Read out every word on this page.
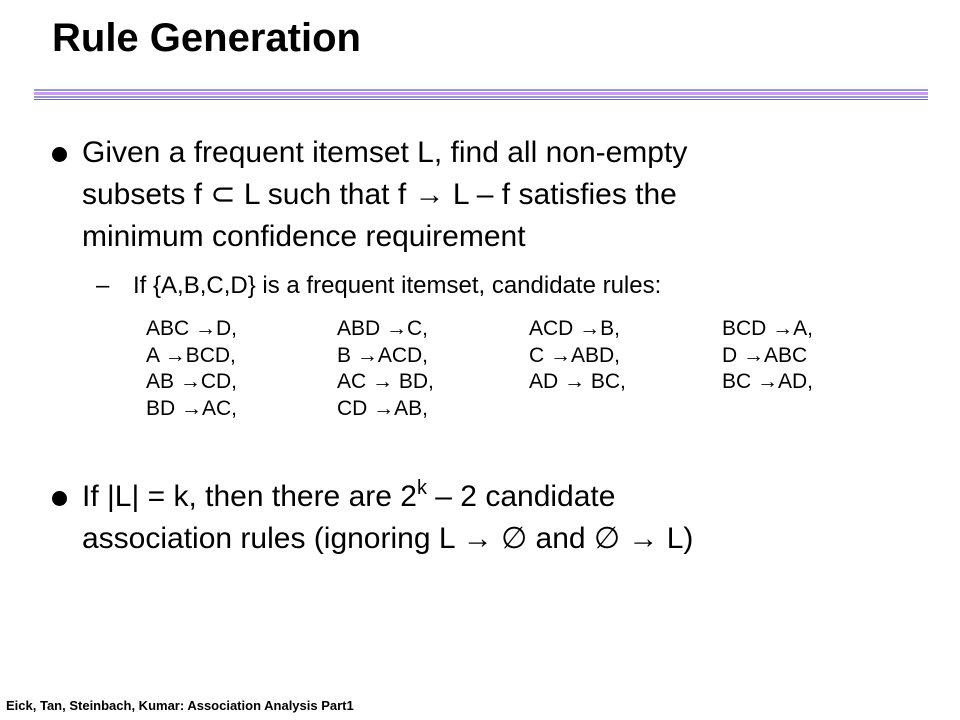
Rule Generation
Given a frequent itemset L, find all non-empty
subsets f ⊂ L such that f → L – f satisfies the
minimum confidence requirement
– If {A,B,C,D} is a frequent itemset, candidate rules:
ABC →D,	ABD →C,	ACD →B,	BCD →A,
A →BCD,	B →ACD,	C →ABD,	D →ABC
AB →CD,	AC → BD,	AD → BC,	BC →AD,
BD →AC,	CD →AB,
If |L| = k, then there are 2$^k$ – 2 candidate
association rules (ignoring L → ∅ and ∅ → L)
Eick, Tan, Steinbach, Kumar: Association Analysis Part1
